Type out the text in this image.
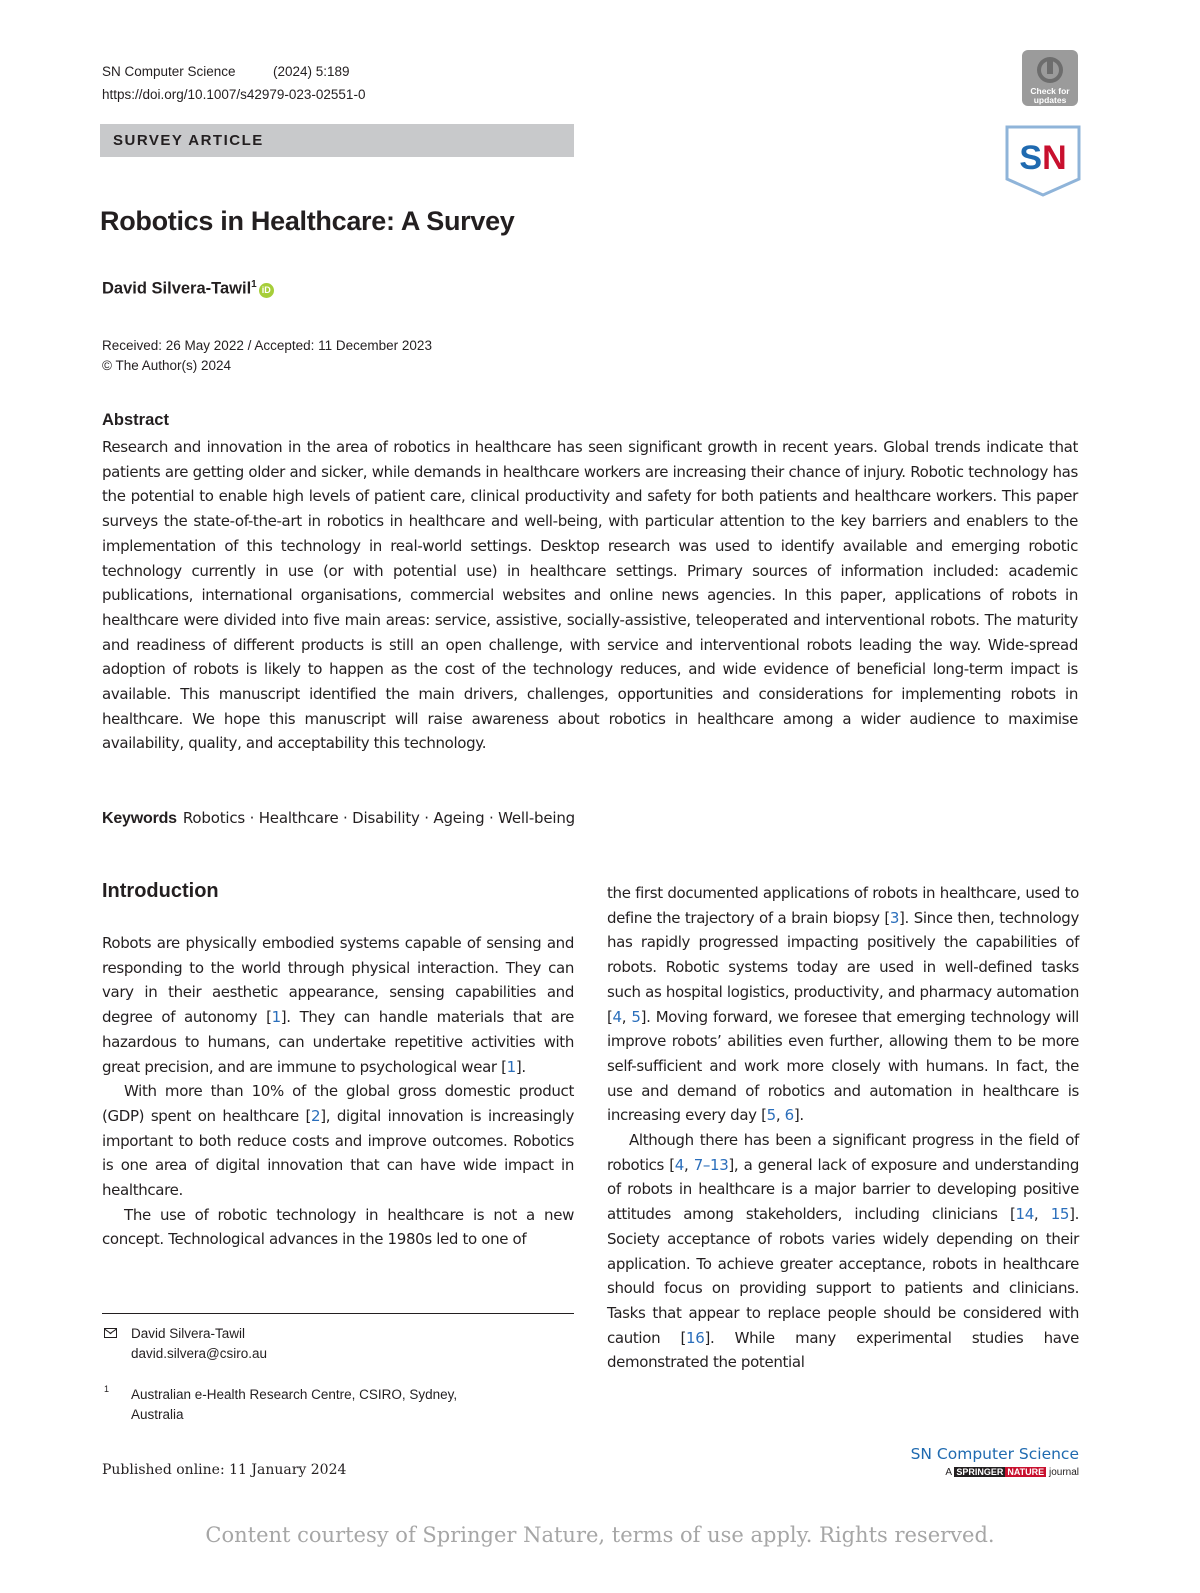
SN Computer Science	(2024) 5:189
https://doi.org/10.1007/s42979-023-02551-0	Check for
updates
SN
SURVEY ARTICLE
Robotics in Healthcare: A Survey
David Silvera-Tawil$^1$ iD
Received: 26 May 2022 / Accepted: 11 December 2023
© The Author(s) 2024
Abstract
Research and innovation in the area of robotics in healthcare has seen significant growth in recent years. Global trends indicate that patients are getting older and sicker, while demands in healthcare workers are increasing their chance of injury. Robotic technology has the potential to enable high levels of patient care, clinical productivity and safety for both patients and healthcare workers. This paper surveys the state-of-the-art in robotics in healthcare and well-being, with particular attention to the key barriers and enablers to the implementation of this technology in real-world settings. Desktop research was used to identify available and emerging robotic technology currently in use (or with potential use) in healthcare settings. Primary sources of information included: academic publications, international organisations, commercial websites and online news agencies. In this paper, applications of robots in healthcare were divided into five main areas: service, assistive, socially-assistive, teleoperated and interventional robots. The maturity and readiness of different products is still an open challenge, with service and interventional robots leading the way. Wide-spread adoption of robots is likely to happen as the cost of the technology reduces, and wide evidence of beneficial long-term impact is available. This manuscript identified the main drivers, challenges, opportunities and considerations for implementing robots in healthcare. We hope this manuscript will raise awareness about robotics in healthcare among a wider audience to maximise availability, quality, and acceptability this technology.
Keywords Robotics · Healthcare · Disability · Ageing · Well-being
Introduction

Robots are physically embodied systems capable of sensing and responding to the world through physical interaction. They can vary in their aesthetic appearance, sensing capabilities and degree of autonomy [1]. They can handle materials that are hazardous to humans, can undertake repetitive activities with great precision, and are immune to psychological wear [1].

With more than 10% of the global gross domestic product (GDP) spent on healthcare [2], digital innovation is increasingly important to both reduce costs and improve outcomes. Robotics is one area of digital innovation that can have wide impact in healthcare.

The use of robotic technology in healthcare is not a new concept. Technological advances in the 1980s led to one of

the first documented applications of robots in healthcare, used to define the trajectory of a brain biopsy [3]. Since then, technology has rapidly progressed impacting positively the capabilities of robots. Robotic systems today are used in well-defined tasks such as hospital logistics, productivity, and pharmacy automation [4, 5]. Moving forward, we foresee that emerging technology will improve robots’ abilities even further, allowing them to be more self-sufficient and work more closely with humans. In fact, the use and demand of robotics and automation in healthcare is increasing every day [5, 6].

Although there has been a significant progress in the field of robotics [4, 7–13], a general lack of exposure and understanding of robots in healthcare is a major barrier to developing positive attitudes among stakeholders, including clinicians [14, 15]. Society acceptance of robots varies widely depending on their application. To achieve greater acceptance, robots in healthcare should focus on providing support to patients and clinicians. Tasks that appear to replace people should be considered with caution [16]. While many experimental studies have demonstrated the potential

David Silvera-Tawil
david.silvera@csiro.au
1 Australian e-Health Research Centre, CSIRO, Sydney,
Australia
Published online: 11 January 2024
SN Computer Science
A SPRINGER NATURE journal
Content courtesy of Springer Nature, terms of use apply. Rights reserved.
